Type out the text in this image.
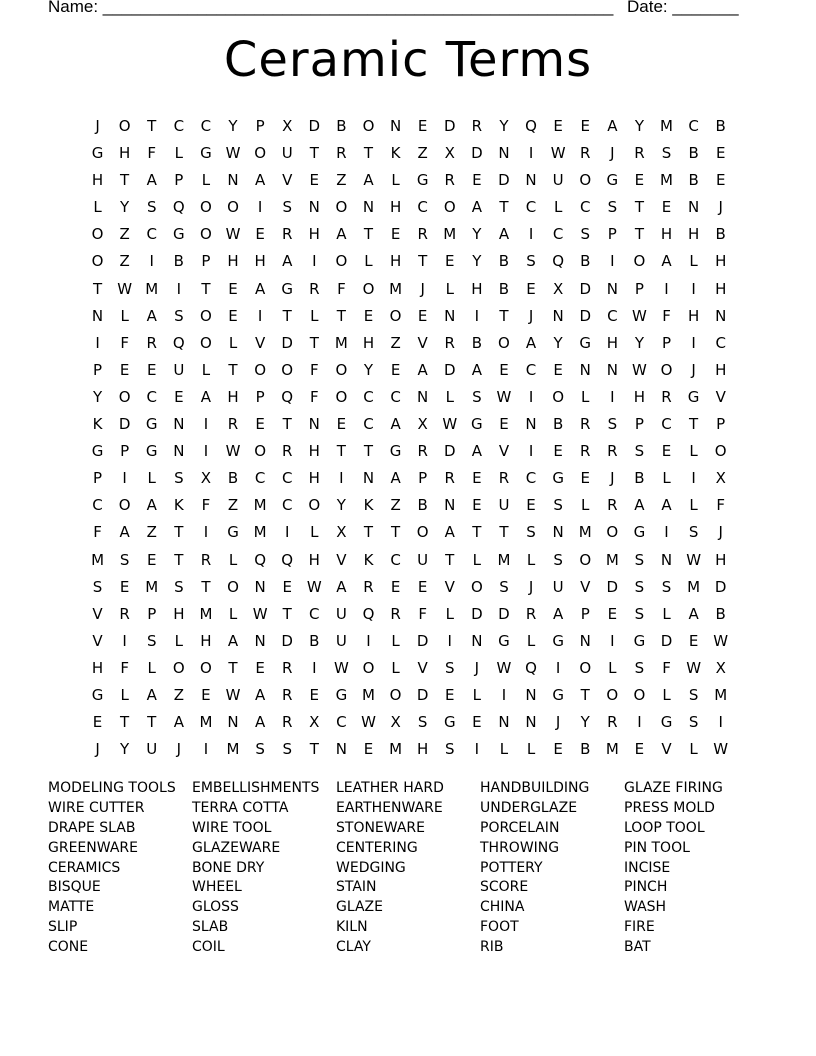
Name: ______________________________________________________ Date: _______
Ceramic Terms
J	O	T	C	C	Y	P	X	D	B	O	N	E	D	R	Y	Q	E	E	A	Y	M	C	B
G	H	F	L	G W O	U	T	R	T	K	Z	X	D	N	I	W R	J	R	S	B	E
H	T	A	P	L	N	A	V	E	Z	A	L	G	R	E	D	N	U	O	G	E	M	B	E
L	Y	S	Q	O	O	I	S	N	O	N	H	C	O	A	T	C	L	C	S	T	E	N	J
O	Z	C	G	O W E	R	H	A	T	E	R	M	Y	A	I	C	S	P	T	H	H	B
O	Z	I	B	P	H	H	A	I	O	L	H	T	E	Y	B	S	Q	B	I	O	A	L	H
T	W M	I	T	E	A	G	R	F	O M	J	L	H	B	E	X	D	N	P	I	I	H
N	L	A	S	O	E	I	T	L	T	E	O	E	N	I	T	J	N	D	C W	F	H	N
I	F	R	Q	O	L	V	D	T	M H	Z	V	R	B	O	A	Y	G	H	Y	P	I	C
P	E	E	U	L	T	O	O	F	O	Y	E	A	D	A	E	C	E	N	N W O	J	H
Y	O	C	E	A	H	P	Q	F	O	C	C	N	L	S W	I	O	L	I	H	R	G	V
K	D	G	N	I	R	E	T	N	E	C	A	X W G	E	N	B	R	S	P	C	T	P
G	P	G	N	I	W O	R	H	T	T	G	R	D	A	V	I	E	R	R	S	E	L	O
P	I	L	S	X	B	C	C	H	I	N	A	P	R	E	R	C	G	E	J	B	L	I	X
C	O	A	K	F	Z	M	C	O	Y	K	Z	B	N	E	U	E	S	L	R	A	A	L	F
F	A	Z	T	I	G M	I	L	X	T	T	O	A	T	T	S	N	M O	G	I	S	J
M	S	E	T	R	L	Q	Q	H	V	K	C	U	T	L	M	L	S	O M	S	N W H
S	E	M	S	T	O	N	E W A	R	E	E	V	O	S	J	U	V	D	S	S	M D
V	R	P	H M	L	W	T	C	U	Q	R	F	L	D	D	R	A	P	E	S	L	A	B
V	I	S	L	H	A	N	D	B	U	I	L	D	I	N	G	L	G	N	I	G	D	E W
H	F	L	O	O	T	E	R	I	W O	L	V	S	J	W Q	I	O	L	S	F	W X
G	L	A	Z	E W A	R	E	G M O	D	E	L	I	N	G	T	O	O	L	S	M
E	T	T	A	M	N	A	R	X	C W X	S	G	E	N	N	J	Y	R	I	G	S	I
J	Y	U	J	I	M	S	S	T	N	E	M H	S	I	L	L	E	B	M	E	V	L	W
MODELING TOOLS
WIRE CUTTER
DRAPE SLAB
GREENWARE
CERAMICS
BISQUE
MATTE
SLIP
CONE
EMBELLISHMENTS
TERRA COTTA
WIRE TOOL
GLAZEWARE
BONE DRY
WHEEL
GLOSS
SLAB
COIL
LEATHER HARD
EARTHENWARE
STONEWARE
CENTERING
WEDGING
STAIN
GLAZE
KILN
CLAY
HANDBUILDING
UNDERGLAZE
PORCELAIN
THROWING
POTTERY
SCORE
CHINA
FOOT
RIB
GLAZE FIRING
PRESS MOLD
LOOP TOOL
PIN TOOL
INCISE
PINCH
WASH
FIRE
BAT
